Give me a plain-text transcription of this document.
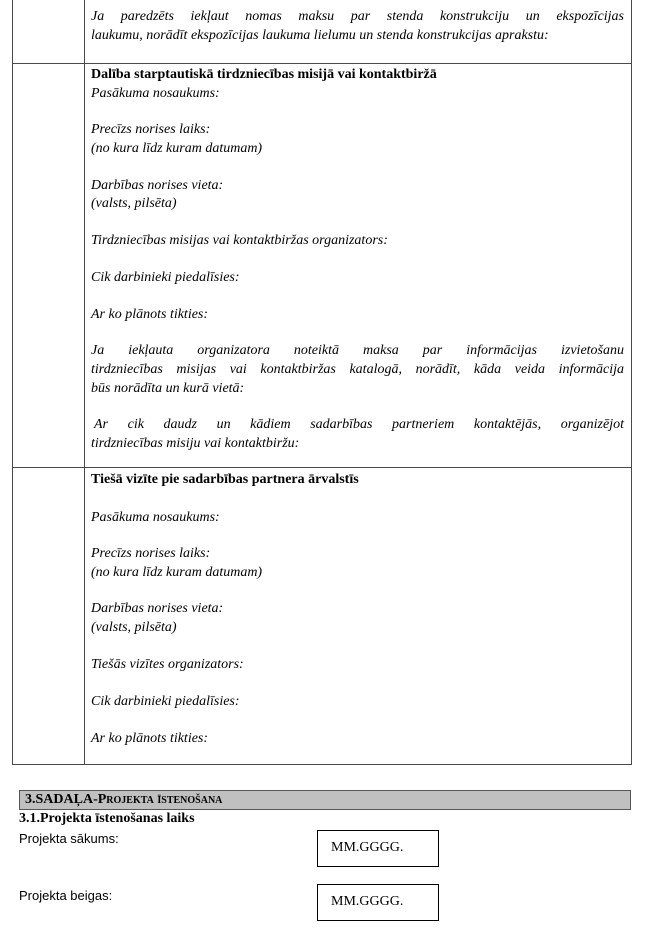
Ja paredzēts iekļaut nomas maksu par stenda konstrukciju un ekspozīcijas
laukumu, norādīt ekspozīcijas laukuma lielumu un stenda konstrukcijas aprakstu:
Dalība starptautiskā tirdzniecības misijā vai kontaktbiržā
Pasākuma nosaukums:
Precīzs norises laiks:
(no kura līdz kuram datumam)
Darbības norises vieta:
(valsts, pilsēta)
Tirdzniecības misijas vai kontaktbiržas organizators:
Cik darbinieki piedalīsies:
Ar ko plānots tikties:
Ja iekļauta organizatora noteiktā maksa par informācijas izvietošanu
tirdzniecības misijas vai kontaktbiržas katalogā, norādīt, kāda veida informācija
būs norādīta un kurā vietā:
Ar cik daudz un kādiem sadarbības partneriem kontaktējās, organizējot
tirdzniecības misiju vai kontaktbiržu:
Tiešā vizīte pie sadarbības partnera ārvalstīs
Pasākuma nosaukums:
Precīzs norises laiks:
(no kura līdz kuram datumam)
Darbības norises vieta:
(valsts, pilsēta)
Tiešās vizītes organizators:
Cik darbinieki piedalīsies:
Ar ko plānots tikties:
3.SADAĻA-Projekta īstenošana
3.1.Projekta īstenošanas laiks
Projekta sākums:
MM.GGGG.
Projekta beigas:	MM.GGGG.
